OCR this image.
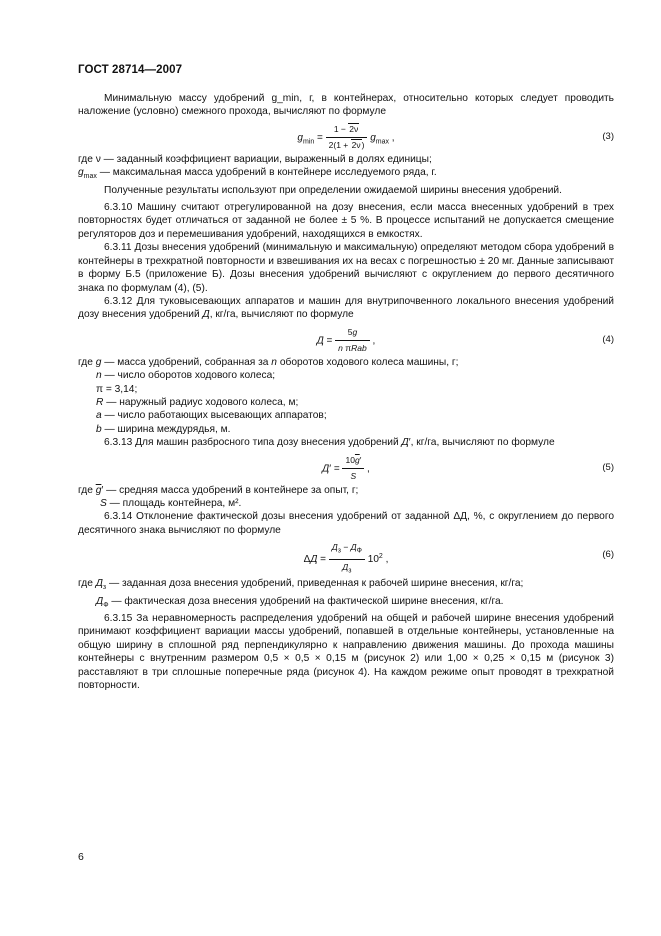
ГОСТ 28714—2007

Минимальную массу удобрений g_min, г, в контейнерах, относительно которых следует проводить наложение (условно) смежного прохода, вычисляют по формуле

$g_{min} = \frac{1 - 2\nu}{2(1 + 2\nu)} g_{max}$ ,	(3)

где ν — заданный коэффициент вариации, выраженный в долях единицы;

$g_{max}$ — максимальная масса удобрений в контейнере исследуемого ряда, г.

Полученные результаты используют при определении ожидаемой ширины внесения удобрений.

6.3.10 Машину считают отрегулированной на дозу внесения, если масса внесенных удобрений в трех повторностях будет отличаться от заданной не более ± 5 %. В процессе испытаний не допускается смещение регуляторов доз и перемешивания удобрений, находящихся в емкостях.

6.3.11 Дозы внесения удобрений (минимальную и максимальную) определяют методом сбора удобрений в контейнеры в трехкратной повторности и взвешивания их на весах с погрешностью ± 20 мг. Данные записывают в форму Б.5 (приложение Б). Дозы внесения удобрений вычисляют с округлением до первого десятичного знака по формулам (4), (5).

6.3.12 Для туковысевающих аппаратов и машин для внутрипочвенного локального внесения удобрений дозу внесения удобрений Д, кг/га, вычисляют по формуле

$Д = \frac{5g}{\text{n πRab}}$ ,	(4)

где g — масса удобрений, собранная за n оборотов ходового колеса машины, г;

n — число оборотов ходового колеса;

π = 3,14;

R — наружный радиус ходового колеса, м;

a — число работающих высевающих аппаратов;

b — ширина междурядья, м.

6.3.13 Для машин разбросного типа дозу внесения удобрений Д′, кг/га, вычисляют по формуле

$Д' = \frac{10\overline{g}'}{S}$ ,	(5)

где $\overline{g}'$ — средняя масса удобрений в контейнере за опыт, г;

S — площадь контейнера, м².

6.3.14 Отклонение фактической дозы внесения удобрений от заданной ΔД, %, с округлением до первого десятичного знака вычисляют по формуле

$\Delta Д = \frac{Д_з - Д_Ф}{Д_з} 10^2$ ,	(6)

где $Д_з$ — заданная доза внесения удобрений, приведенная к рабочей ширине внесения, кг/га;

$Д_Ф$ — фактическая доза внесения удобрений на фактической ширине внесения, кг/га.

6.3.15 За неравномерность распределения удобрений на общей и рабочей ширине внесения удобрений принимают коэффициент вариации массы удобрений, попавшей в отдельные контейнеры, установленные на общую ширину в сплошной ряд перпендикулярно к направлению движения машины. До прохода машины контейнеры с внутренним размером 0,5 × 0,5 × 0,15 м (рисунок 2) или 1,00 × 0,25 × 0,15 м (рисунок 3) расставляют в три сплошные поперечные ряда (рисунок 4). На каждом режиме опыт проводят в трехкратной повторности.

6
